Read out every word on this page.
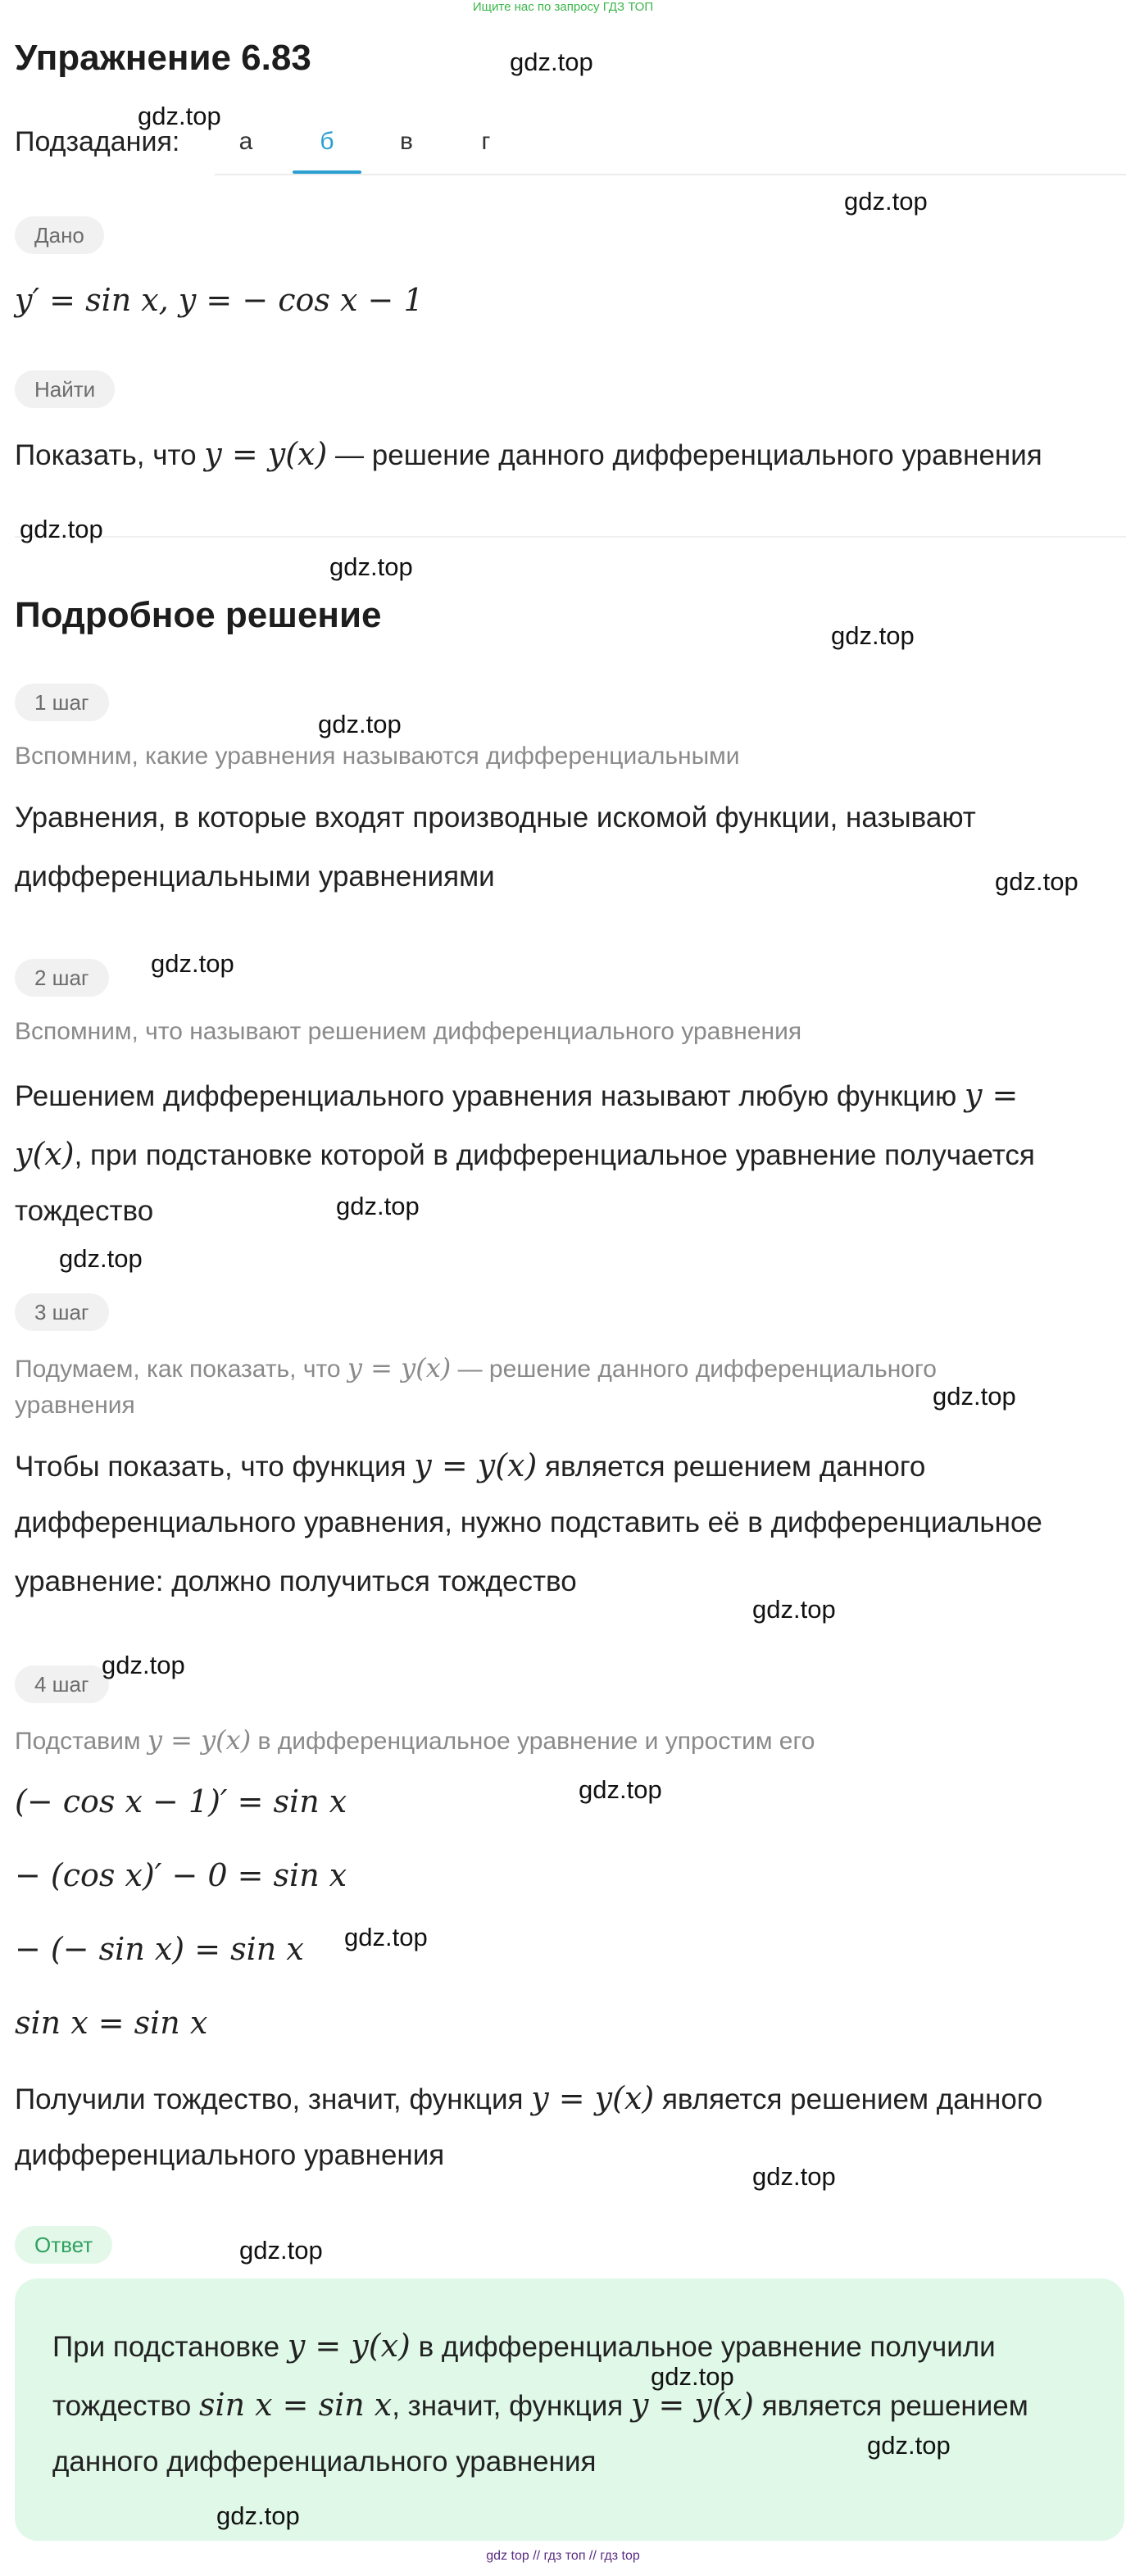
Ищите нас по запросу ГДЗ ТОП
Упражнение 6.83
Подзадания:	а	б	в	г
Дано
y′ = sin x, y = − cos x − 1
Найти
Показать, что y = y(x) — решение данного дифференциального уравнения
Подробное решение
1 шаг
Вспомним, какие уравнения называются дифференциальными
Уравнения, в которые входят производные искомой функции, называют
дифференциальными уравнениями
2 шаг
Вспомним, что называют решением дифференциального уравнения
Решением дифференциального уравнения называют любую функцию y =
y(x), при подстановке которой в дифференциальное уравнение получается
тождество
3 шаг
Подумаем, как показать, что y = y(x) — решение данного дифференциального
уравнения
Чтобы показать, что функция y = y(x) является решением данного
дифференциального уравнения, нужно подставить её в дифференциальное
уравнение: должно получиться тождество
4 шаг
Подставим y = y(x) в дифференциальное уравнение и упростим его
(− cos x − 1)′ = sin x
− (cos x)′ − 0 = sin x
− (− sin x) = sin x
sin x = sin x
Получили тождество, значит, функция y = y(x) является решением данного
дифференциального уравнения
Ответ
При подстановке y = y(x) в дифференциальное уравнение получили
тождество sin x = sin x, значит, функция y = y(x) является решением
данного дифференциального уравнения
gdz.top
gdz.top
gdz.top
gdz.top
gdz.top
gdz.top
gdz.top
gdz.top
gdz.top
gdz.top
gdz.top
gdz.top
gdz.top
gdz.top
gdz.top
gdz.top
gdz.top
gdz.top
gdz.top
gdz.top
gdz.top
gdz top // гдз топ // гдз top
